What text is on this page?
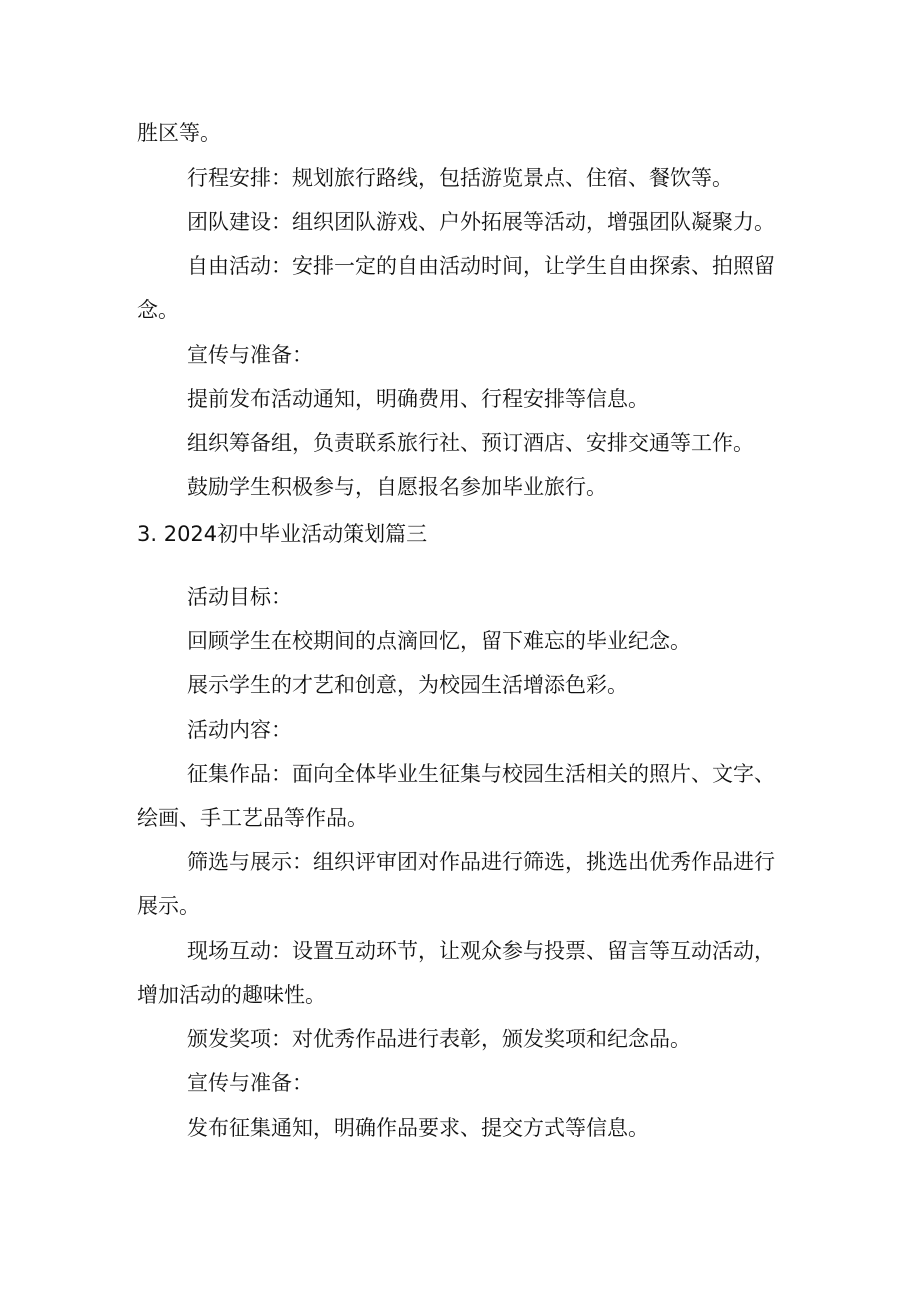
胜区等。
行程安排：规划旅行路线，包括游览景点、住宿、餐饮等。
团队建设：组织团队游戏、户外拓展等活动，增强团队凝聚力。
自由活动：安排一定的自由活动时间，让学生自由探索、拍照留
念。
宣传与准备：
提前发布活动通知，明确费用、行程安排等信息。
组织筹备组，负责联系旅行社、预订酒店、安排交通等工作。
鼓励学生积极参与，自愿报名参加毕业旅行。
3. 2024初中毕业活动策划篇三
活动目标：
回顾学生在校期间的点滴回忆，留下难忘的毕业纪念。
展示学生的才艺和创意，为校园生活增添色彩。
活动内容：
征集作品：面向全体毕业生征集与校园生活相关的照片、文字、
绘画、手工艺品等作品。
筛选与展示：组织评审团对作品进行筛选，挑选出优秀作品进行
展示。
现场互动：设置互动环节，让观众参与投票、留言等互动活动，
增加活动的趣味性。
颁发奖项：对优秀作品进行表彰，颁发奖项和纪念品。
宣传与准备：
发布征集通知，明确作品要求、提交方式等信息。
